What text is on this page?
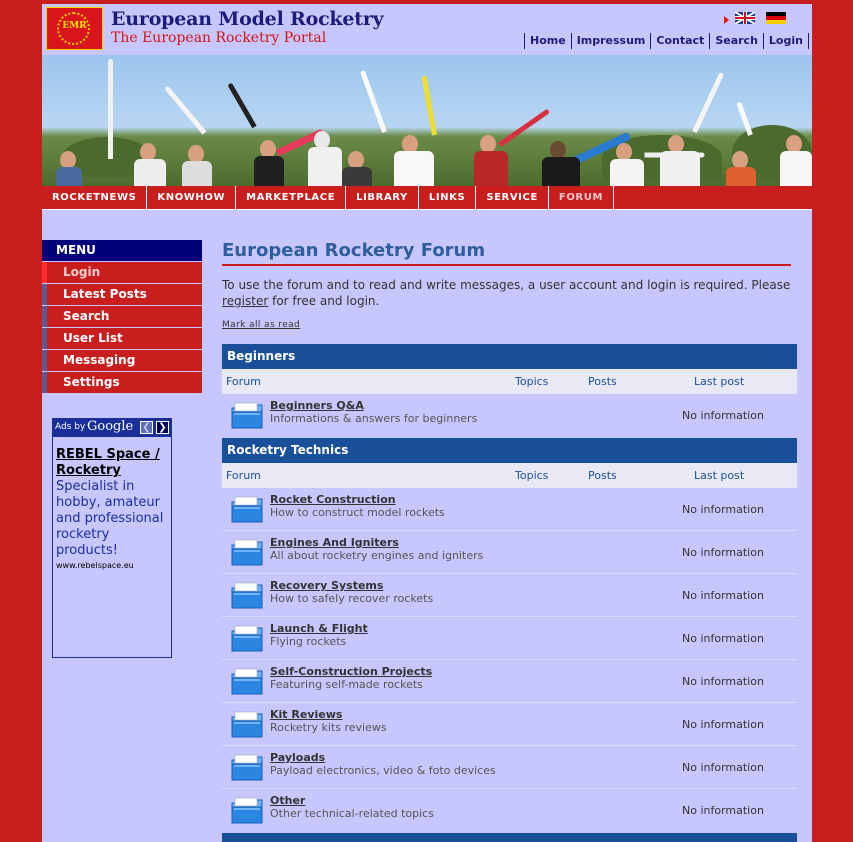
EMR	European Model Rocketry
The European Rocketry Portal	Home	Impressum	Contact	Search	Login
ROCKETNEWS	KNOWHOW	MARKETPLACE	LIBRARY	LINKS	SERVICE	FORUM
MENU
Login
Latest Posts
Search
User List
Messaging
Settings
Ads by Google ❮ ❯
REBEL Space / Rocketry
Specialist in hobby, amateur and professional rocketry products!
www.rebelspace.eu
European Rocketry Forum
To use the forum and to read and write messages, a user account and login is required. Please register for free and login.
Mark all as read
Beginners
Forum	Topics	Posts	Last post
Beginners Q&A
Informations & answers for beginners	No information
Rocketry Technics
Forum	Topics	Posts	Last post
Rocket Construction
How to construct model rockets	No information
Engines And Igniters
All about rocketry engines and igniters	No information
Recovery Systems
How to safely recover rockets	No information
Launch & Flight
Flying rockets	No information
Self-Construction Projects
Featuring self-made rockets	No information
Kit Reviews
Rocketry kits reviews	No information
Payloads
Payload electronics, video & foto devices	No information
Other
Other technical-related topics	No information
